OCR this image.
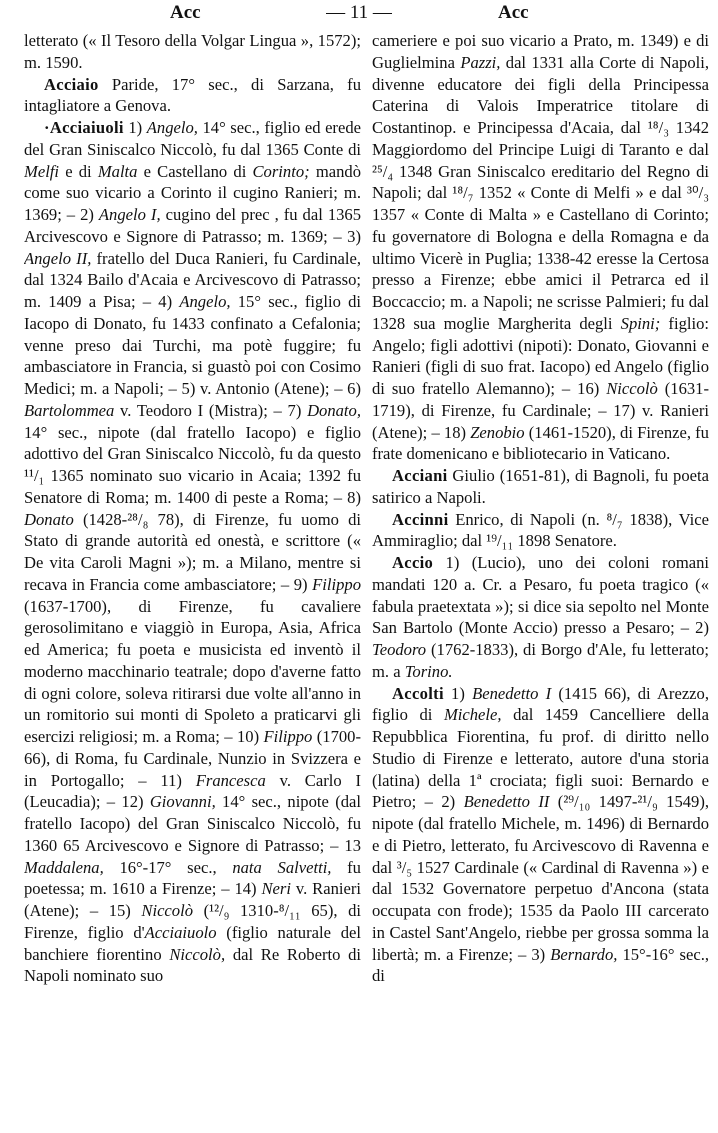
Acc	— 11 —	Acc

letterato (« Il Tesoro della Volgar Lingua », 1572); m. 1590.

Acciaio Paride, 17° sec., di Sarzana, fu intagliatore a Genova.

·Acciaiuoli 1) Angelo, 14° sec., figlio ed erede del Gran Siniscalco Niccolò, fu dal 1365 Conte di Melfi e di Malta e Castellano di Corinto; mandò come suo vicario a Corinto il cugino Ranieri; m. 1369; – 2) Angelo I, cugino del prec , fu dal 1365 Arcivescovo e Signore di Patrasso; m. 1369; – 3) Angelo II, fratello del Duca Ranieri, fu Cardinale, dal 1324 Bailo d'Acaia e Arcivescovo di Patrasso; m. 1409 a Pisa; – 4) Angelo, 15° sec., figlio di Iacopo di Donato, fu 1433 confinato a Cefalonia; venne preso dai Turchi, ma potè fuggire; fu ambasciatore in Francia, si guastò poi con Cosimo Medici; m. a Napoli; – 5) v. Antonio (Atene); – 6) Bartolommea v. Teodoro I (Mistra); – 7) Donato, 14° sec., nipote (dal fratello Iacopo) e figlio adottivo del Gran Siniscalco Niccolò, fu da questo ¹¹/₁ 1365 nominato suo vicario in Acaia; 1392 fu Senatore di Roma; m. 1400 di peste a Roma; – 8) Donato (1428-²⁸/₈ 78), di Firenze, fu uomo di Stato di grande autorità ed onestà, e scrittore (« De vita Caroli Magni »); m. a Milano, mentre si recava in Francia come ambasciatore; – 9) Filippo (1637-1700), di Firenze, fu cavaliere gerosolimitano e viaggiò in Europa, Asia, Africa ed America; fu poeta e musicista ed inventò il moderno macchinario teatrale; dopo d'averne fatto di ogni colore, soleva ritirarsi due volte all'anno in un romitorio sui monti di Spoleto a praticarvi gli esercizi religiosi; m. a Roma; – 10) Filippo (1700-66), di Roma, fu Cardinale, Nunzio in Svizzera e in Portogallo; – 11) Francesca v. Carlo I (Leucadia); – 12) Giovanni, 14° sec., nipote (dal fratello Iacopo) del Gran Siniscalco Niccolò, fu 1360 65 Arcivescovo e Signore di Patrasso; – 13 Maddalena, 16°-17° sec., nata Salvetti, fu poetessa; m. 1610 a Firenze; – 14) Neri v. Ranieri (Atene); – 15) Niccolò (¹²/₉ 1310-⁸/₁₁ 65), di Firenze, figlio d'Acciaiuolo (figlio naturale del banchiere fiorentino Niccolò, dal Re Roberto di Napoli nominato suo

cameriere e poi suo vicario a Prato, m. 1349) e di Guglielmina Pazzi, dal 1331 alla Corte di Napoli, divenne educatore dei figli della Principessa Caterina di Valois Imperatrice titolare di Costantinop. e Principessa d'Acaia, dal ¹⁸/₃ 1342 Maggiordomo del Principe Luigi di Taranto e dal ²⁵/₄ 1348 Gran Siniscalco ereditario del Regno di Napoli; dal ¹⁸/₇ 1352 « Conte di Melfi » e dal ³⁰/₃ 1357 « Conte di Malta » e Castellano di Corinto; fu governatore di Bologna e della Romagna e da ultimo Vicerè in Puglia; 1338-42 eresse la Certosa presso a Firenze; ebbe amici il Petrarca ed il Boccaccio; m. a Napoli; ne scrisse Palmieri; fu dal 1328 sua moglie Margherita degli Spini; figlio: Angelo; figli adottivi (nipoti): Donato, Giovanni e Ranieri (figli di suo frat. Iacopo) ed Angelo (figlio di suo fratello Alemanno); – 16) Niccolò (1631-1719), di Firenze, fu Cardinale; – 17) v. Ranieri (Atene); – 18) Zenobio (1461-1520), di Firenze, fu frate domenicano e bibliotecario in Vaticano.

Acciani Giulio (1651-81), di Bagnoli, fu poeta satirico a Napoli.

Accinni Enrico, di Napoli (n. ⁸/₇ 1838), Vice Ammiraglio; dal ¹⁹/₁₁ 1898 Senatore.

Accio 1) (Lucio), uno dei coloni romani mandati 120 a. Cr. a Pesaro, fu poeta tragico (« fabula praetextata »); si dice sia sepolto nel Monte San Bartolo (Monte Accio) presso a Pesaro; – 2) Teodoro (1762-1833), di Borgo d'Ale, fu letterato; m. a Torino.

Accolti 1) Benedetto I (1415 66), di Arezzo, figlio di Michele, dal 1459 Cancelliere della Repubblica Fiorentina, fu prof. di diritto nello Studio di Firenze e letterato, autore d'una storia (latina) della 1ª crociata; figli suoi: Bernardo e Pietro; – 2) Benedetto II (²⁹/₁₀ 1497-²¹/₉ 1549), nipote (dal fratello Michele, m. 1496) di Bernardo e di Pietro, letterato, fu Arcivescovo di Ravenna e dal ³/₅ 1527 Cardinale (« Cardinal di Ravenna ») e dal 1532 Governatore perpetuo d'Ancona (stata occupata con frode); 1535 da Paolo III carcerato in Castel Sant'Angelo, riebbe per grossa somma la libertà; m. a Firenze; – 3) Bernardo, 15°-16° sec., di
